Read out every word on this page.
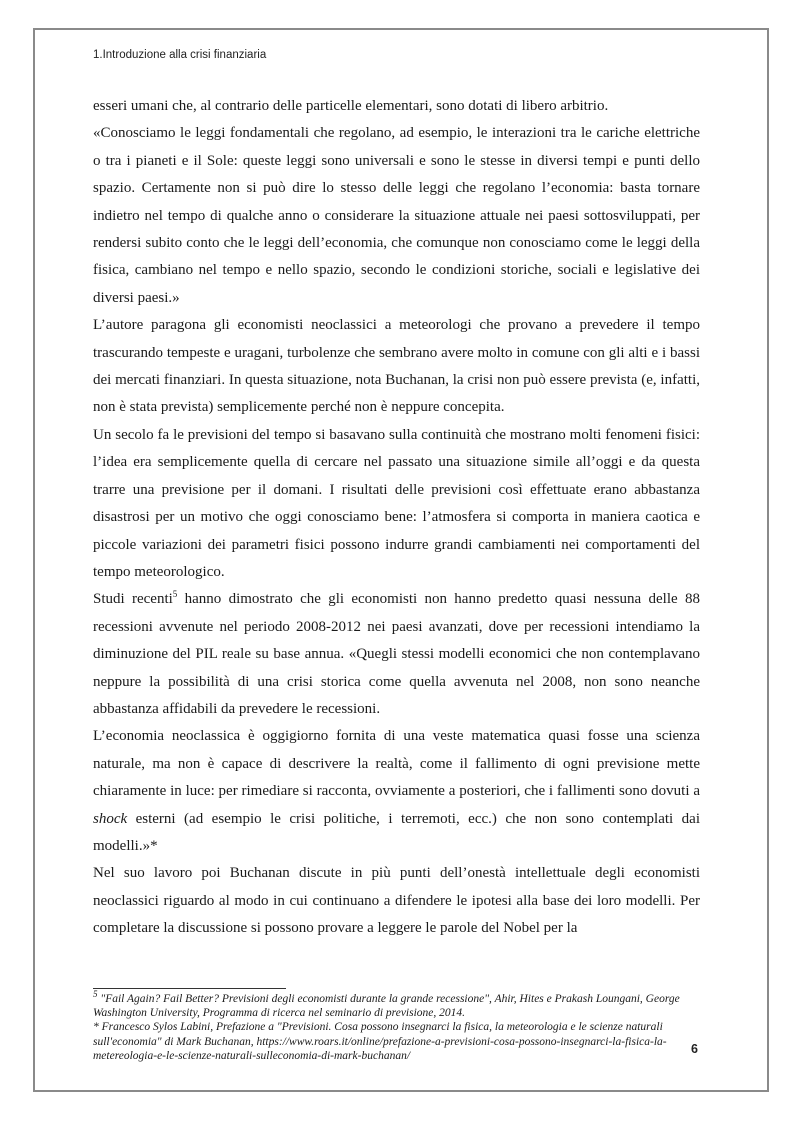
1.Introduzione alla crisi finanziaria

esseri umani che, al contrario delle particelle elementari, sono dotati di libero arbitrio.

«Conosciamo le leggi fondamentali che regolano, ad esempio, le interazioni tra le cariche elettriche o tra i pianeti e il Sole: queste leggi sono universali e sono le stesse in diversi tempi e punti dello spazio. Certamente non si può dire lo stesso delle leggi che regolano l’economia: basta tornare indietro nel tempo di qualche anno o considerare la situazione attuale nei paesi sottosviluppati, per rendersi subito conto che le leggi dell’economia, che comunque non conosciamo come le leggi della fisica, cambiano nel tempo e nello spazio, secondo le condizioni storiche, sociali e legislative dei diversi paesi.»

L’autore paragona gli economisti neoclassici a meteorologi che provano a prevedere il tempo trascurando tempeste e uragani, turbolenze che sembrano avere molto in comune con gli alti e i bassi dei mercati finanziari. In questa situazione, nota Buchanan, la crisi non può essere prevista (e, infatti, non è stata prevista) semplicemente perché non è neppure concepita.

Un secolo fa le previsioni del tempo si basavano sulla continuità che mostrano molti fenomeni fisici: l’idea era semplicemente quella di cercare nel passato una situazione simile all’oggi e da questa trarre una previsione per il domani. I risultati delle previsioni così effettuate erano abbastanza disastrosi per un motivo che oggi conosciamo bene: l’atmosfera si comporta in maniera caotica e piccole variazioni dei parametri fisici possono indurre grandi cambiamenti nei comportamenti del tempo meteorologico.

Studi recenti$^5$ hanno dimostrato che gli economisti non hanno predetto quasi nessuna delle 88 recessioni avvenute nel periodo 2008-2012 nei paesi avanzati, dove per recessioni intendiamo la diminuzione del PIL reale su base annua. «Quegli stessi modelli economici che non contemplavano neppure la possibilità di una crisi storica come quella avvenuta nel 2008, non sono neanche abbastanza affidabili da prevedere le recessioni.

L’economia neoclassica è oggigiorno fornita di una veste matematica quasi fosse una scienza naturale, ma non è capace di descrivere la realtà, come il fallimento di ogni previsione mette chiaramente in luce: per rimediare si racconta, ovviamente a posteriori, che i fallimenti sono dovuti a shock esterni (ad esempio le crisi politiche, i terremoti, ecc.) che non sono contemplati dai modelli.»*

Nel suo lavoro poi Buchanan discute in più punti dell’onestà intellettuale degli economisti neoclassici riguardo al modo in cui continuano a difendere le ipotesi alla base dei loro modelli. Per completare la discussione si possono provare a leggere le parole del Nobel per la

$^5$ "Fail Again? Fail Better? Previsioni degli economisti durante la grande recessione", Ahir, Hites e Prakash Loungani, George Washington University, Programma di ricerca nel seminario di previsione, 2014.

* Francesco Sylos Labini, Prefazione a "Previsioni. Cosa possono insegnarci la fisica, la meteorologia e le scienze naturali sull'economia" di Mark Buchanan, https://www.roars.it/online/prefazione-a-previsioni-cosa-possono-insegnarci-la-fisica-la-metereologia-e-le-scienze-naturali-sulleconomia-di-mark-buchanan/	6
